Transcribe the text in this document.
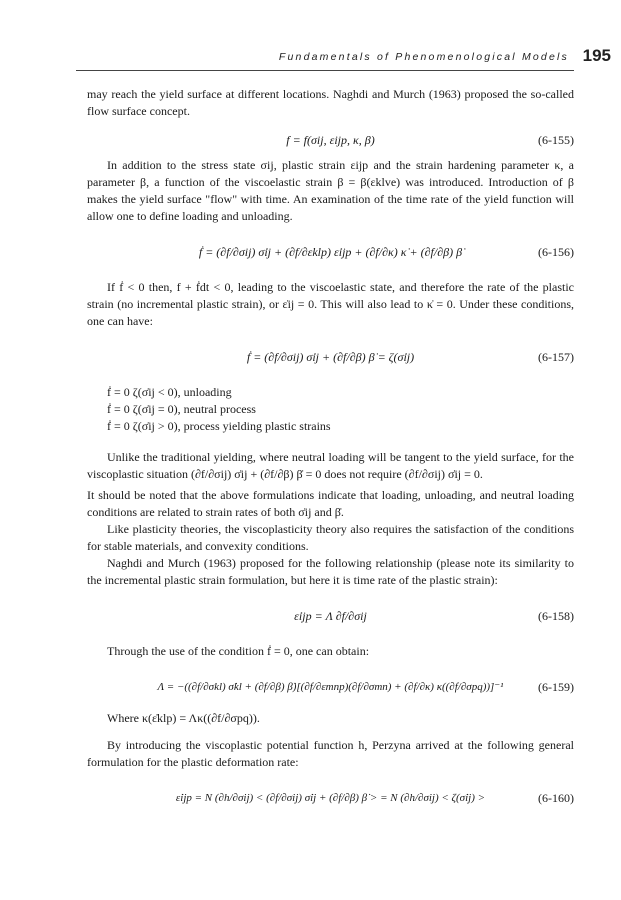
Fundamentals of Phenomenological Models 195

may reach the yield surface at different locations. Naghdi and Murch (1963) proposed the so-called flow surface concept.

f = f(σij, εijp, κ, β)	(6-155)

In addition to the stress state σij, plastic strain εijp and the strain hardening parameter κ, a parameter β, a function of the viscoelastic strain β = β(εklve) was introduced. Introduction of β makes the yield surface "flow" with time. An examination of the time rate of the yield function will allow one to define loading and unloading.

ḟ = (∂f/∂σij) σ̇ij + (∂f/∂εklp) ε̇ijp + (∂f/∂κ) κ̇ + (∂f/∂β) β̇	(6-156)

If ḟ < 0 then, f + ḟdt < 0, leading to the viscoelastic state, and therefore the rate of the plastic strain (no incremental plastic strain), or ε̇ij = 0. This will also lead to κ̇ = 0. Under these conditions, one can have:

ḟ = (∂f/∂σij) σ̇ij + (∂f/∂β) β̇ = ζ(σ̇ij)	(6-157)
ḟ = 0 ζ(σ̇ij < 0), unloading
ḟ = 0 ζ(σ̇ij = 0), neutral process
ḟ = 0 ζ(σ̇ij > 0), process yielding plastic strains

Unlike the traditional yielding, where neutral loading will be tangent to the yield surface, for the viscoplastic situation (∂f/∂σij) σ̇ij + (∂f/∂β) β̇ = 0 does not require (∂f/∂σij) σ̇ij = 0.

It should be noted that the above formulations indicate that loading, unloading, and neutral loading conditions are related to strain rates of both σ̇ij and β̇.

Like plasticity theories, the viscoplasticity theory also requires the satisfaction of the conditions for stable materials, and convexity conditions.

Naghdi and Murch (1963) proposed for the following relationship (please note its similarity to the incremental plastic strain formulation, but here it is time rate of the plastic strain):

ε̇ijp = Λ ∂f/∂σij	(6-158)

Through the use of the condition ḟ = 0, one can obtain:

Λ = −((∂f/∂σkl) σ̇kl + (∂f/∂β) β̇)[(∂f/∂εmnp)(∂f/∂σmn) + (∂f/∂κ) κ((∂f/∂σpq))]⁻¹	(6-159)

Where κ(ε̇klp) = Λκ((∂f/∂σpq)).

By introducing the viscoplastic potential function h, Perzyna arrived at the following general formulation for the plastic deformation rate:

ε̇ijp = N (∂h/∂σij) < (∂f/∂σij) σ̇ij + (∂f/∂β) β̇ > = N (∂h/∂σij) < ζ(σ̇ij) >	(6-160)
